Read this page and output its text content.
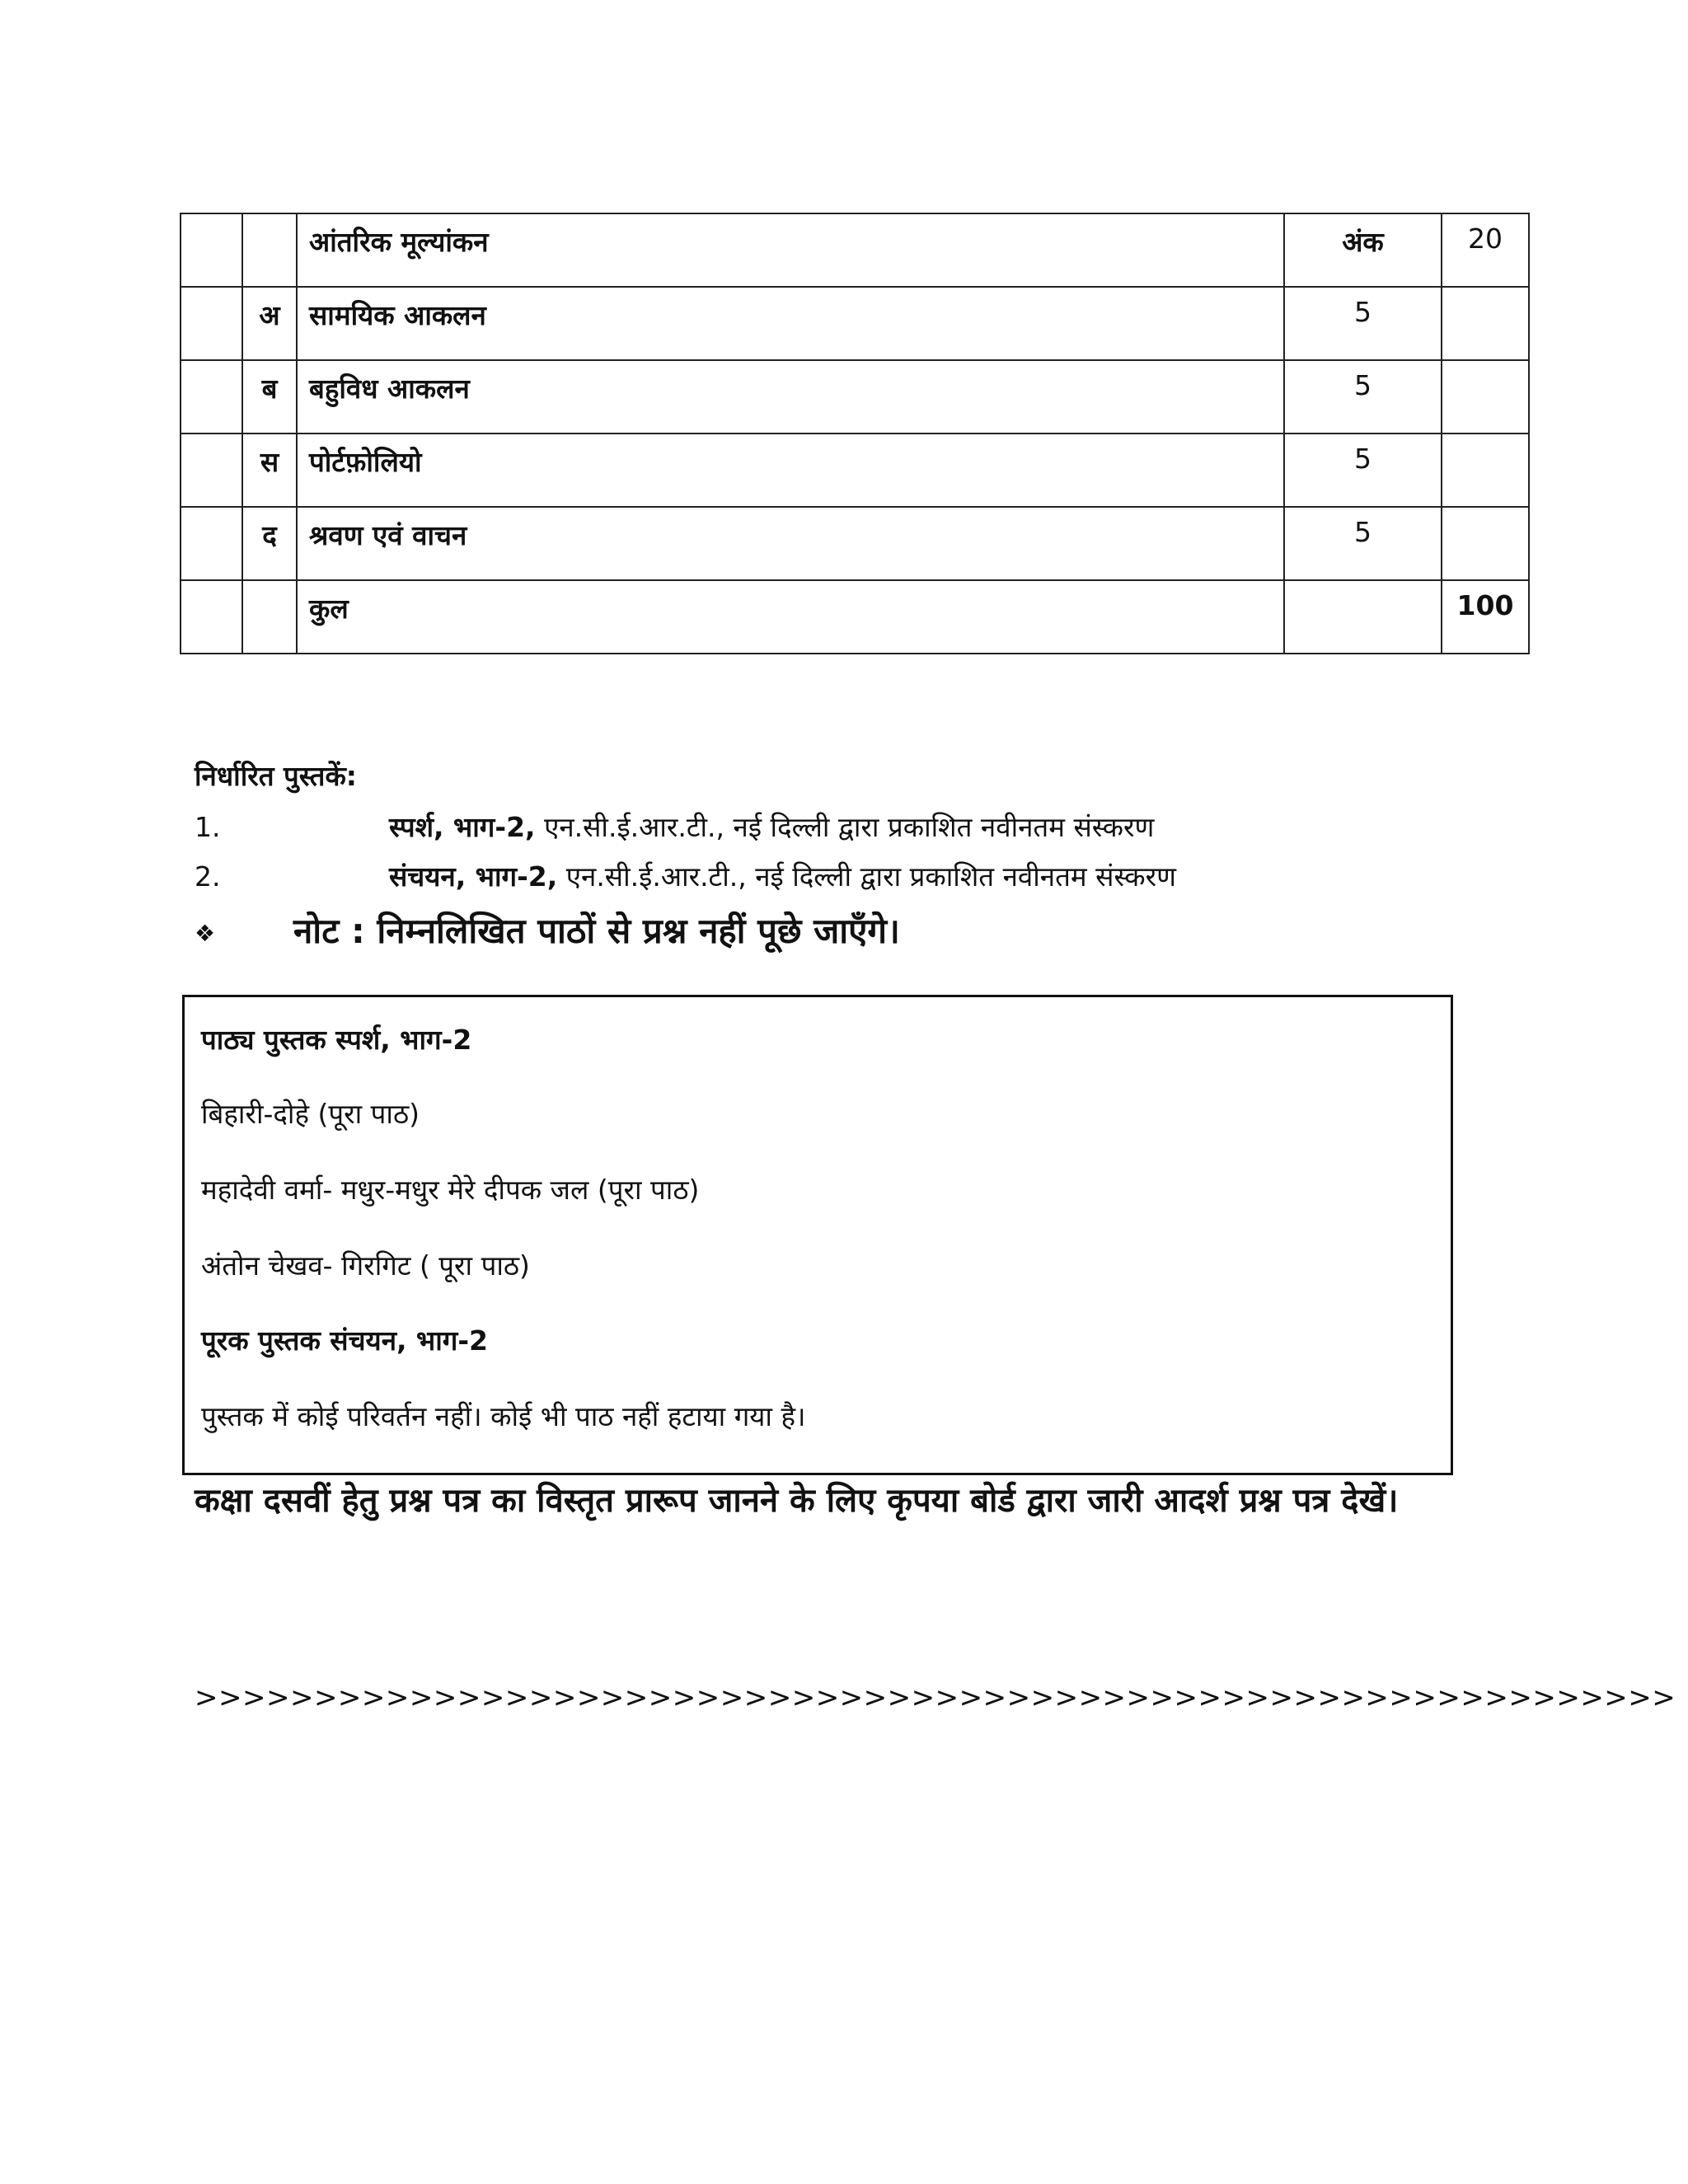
		आंतरिक मूल्यांकन	अंक	20
	अ	सामयिक आकलन	5	
	ब	बहुविध आकलन	5	
	स	पोर्टफ़ोलियो	5	
	द	श्रवण एवं वाचन	5	
		कुल		100
निर्धारित पुस्तकें:
1.	स्पर्श, भाग-2, एन.सी.ई.आर.टी., नई दिल्ली द्वारा प्रकाशित नवीनतम संस्करण
2.	संचयन, भाग-2, एन.सी.ई.आर.टी., नई दिल्ली द्वारा प्रकाशित नवीनतम संस्करण
❖ नोट : निम्नलिखित पाठों से प्रश्न नहीं पूछे जाएँगे।
पाठ्य पुस्तक स्पर्श, भाग-2
बिहारी-दोहे (पूरा पाठ)
महादेवी वर्मा- मधुर-मधुर मेरे दीपक जल (पूरा पाठ)
अंतोन चेखव- गिरगिट ( पूरा पाठ)
पूरक पुस्तक संचयन, भाग-2
पुस्तक में कोई परिवर्तन नहीं। कोई भी पाठ नहीं हटाया गया है।
कक्षा दसवीं हेतु प्रश्न पत्र का विस्तृत प्रारूप जानने के लिए कृपया बोर्ड द्वारा जारी आदर्श प्रश्न पत्र देखें।
>>>>>>>>>>>>>>>>>>>>>>>>>>>>>>>>>>>>>>>>>>>>>>>>>>>>>>>>>>>>>>
